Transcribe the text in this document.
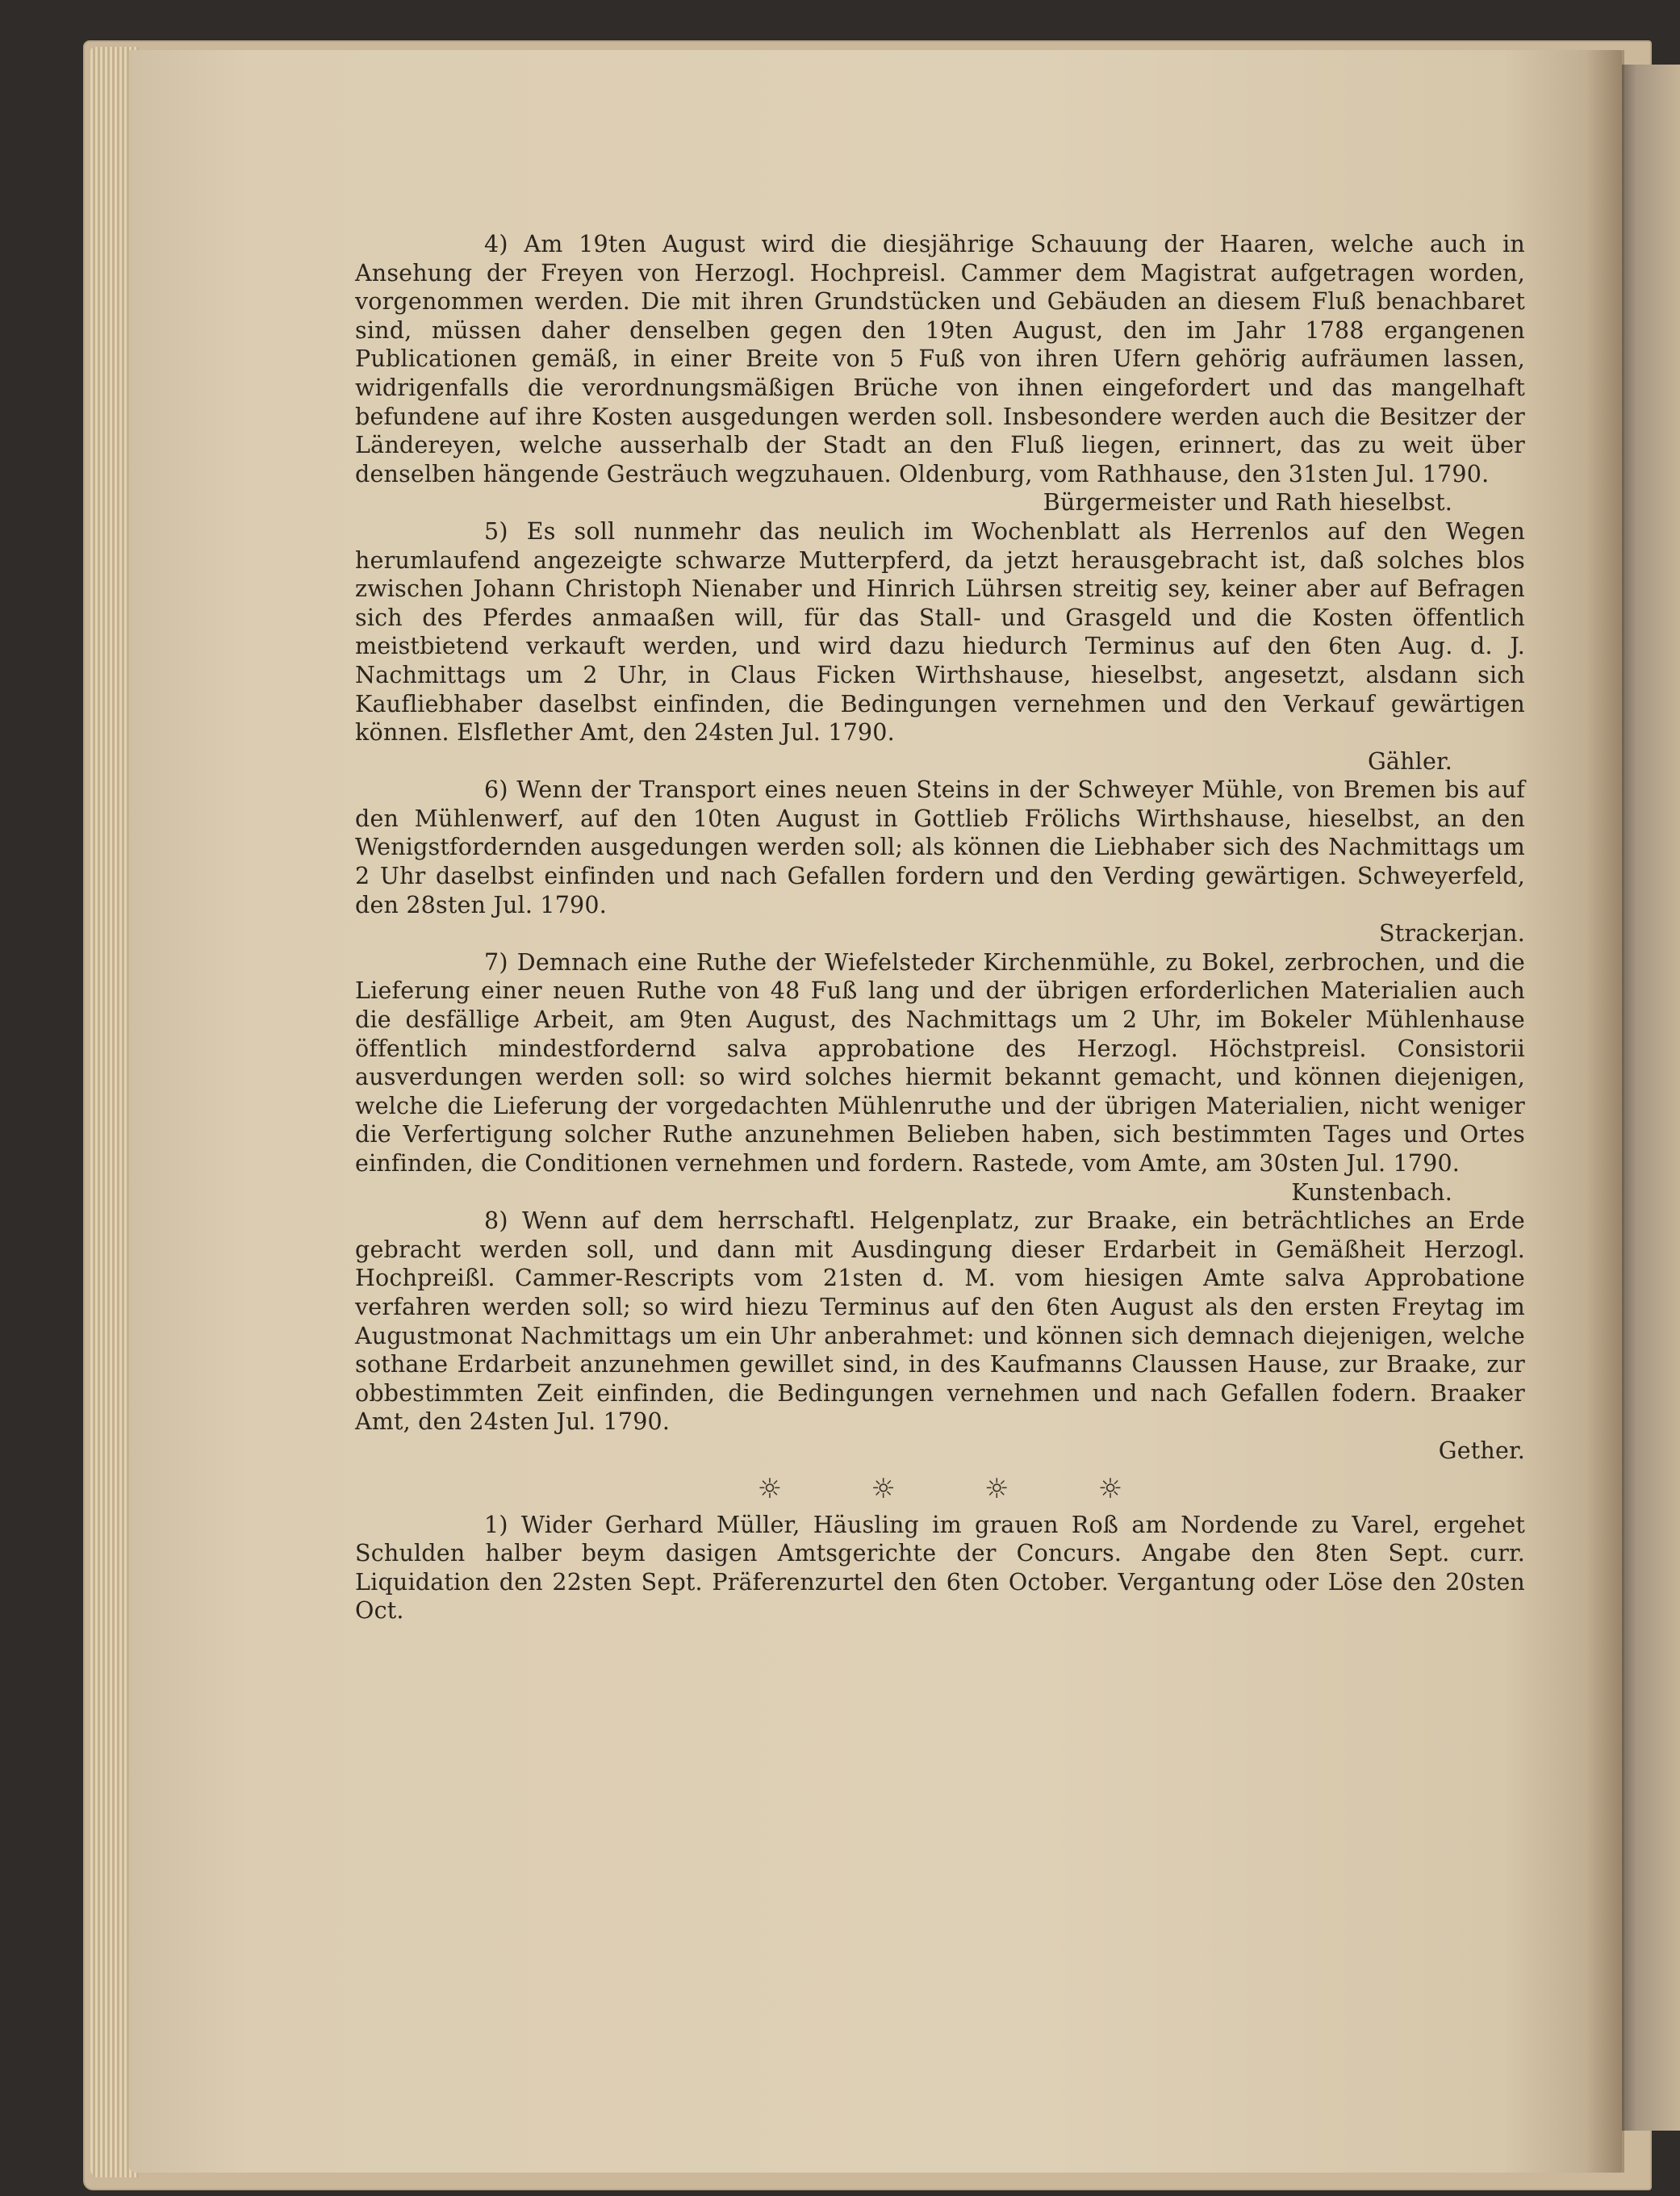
4) Am 19ten August wird die diesjährige Schauung der Haaren, welche auch in Ansehung der Freyen von Herzogl. Hochpreisl. Cammer dem Magistrat aufgetragen worden, vorgenommen werden. Die mit ihren Grundstücken und Gebäuden an diesem Fluß benachbaret sind, müssen daher denselben gegen den 19ten August, den im Jahr 1788 ergangenen Publicationen gemäß, in einer Breite von 5 Fuß von ihren Ufern gehörig aufräumen lassen, widrigenfalls die verordnungsmäßigen Brüche von ihnen eingefordert und das mangelhaft befundene auf ihre Kosten ausgedungen werden soll. Insbesondere werden auch die Besitzer der Ländereyen, welche ausserhalb der Stadt an den Fluß liegen, erinnert, das zu weit über denselben hängende Gesträuch wegzuhauen. Oldenburg, vom Rathhause, den 31sten Jul. 1790.

Bürgermeister und Rath hieselbst.

5) Es soll nunmehr das neulich im Wochenblatt als Herrenlos auf den Wegen herumlaufend angezeigte schwarze Mutterpferd, da jetzt herausgebracht ist, daß solches blos zwischen Johann Christoph Nienaber und Hinrich Lührsen streitig sey, keiner aber auf Befragen sich des Pferdes anmaaßen will, für das Stall- und Grasgeld und die Kosten öffentlich meistbietend verkauft werden, und wird dazu hiedurch Terminus auf den 6ten Aug. d. J. Nachmittags um 2 Uhr, in Claus Ficken Wirthshause, hieselbst, angesetzt, alsdann sich Kaufliebhaber daselbst einfinden, die Bedingungen vernehmen und den Verkauf gewärtigen können. Elsflether Amt, den 24sten Jul. 1790.

Gähler.

6) Wenn der Transport eines neuen Steins in der Schweyer Mühle, von Bremen bis auf den Mühlenwerf, auf den 10ten August in Gottlieb Frölichs Wirthshause, hieselbst, an den Wenigstfordernden ausgedungen werden soll; als können die Liebhaber sich des Nachmittags um 2 Uhr daselbst einfinden und nach Gefallen fordern und den Verding gewärtigen. Schweyerfeld, den 28sten Jul. 1790.

Strackerjan.

7) Demnach eine Ruthe der Wiefelsteder Kirchenmühle, zu Bokel, zerbrochen, und die Lieferung einer neuen Ruthe von 48 Fuß lang und der übrigen erforderlichen Materialien auch die desfällige Arbeit, am 9ten August, des Nachmittags um 2 Uhr, im Bokeler Mühlenhause öffentlich mindestfordernd salva approbatione des Herzogl. Höchstpreisl. Consistorii ausverdungen werden soll: so wird solches hiermit bekannt gemacht, und können diejenigen, welche die Lieferung der vorgedachten Mühlenruthe und der übrigen Materialien, nicht weniger die Verfertigung solcher Ruthe anzunehmen Belieben haben, sich bestimmten Tages und Ortes einfinden, die Conditionen vernehmen und fordern. Rastede, vom Amte, am 30sten Jul. 1790.

Kunstenbach.

8) Wenn auf dem herrschaftl. Helgenplatz, zur Braake, ein beträchtliches an Erde gebracht werden soll, und dann mit Ausdingung dieser Erdarbeit in Gemäßheit Herzogl. Hochpreißl. Cammer-Rescripts vom 21sten d. M. vom hiesigen Amte salva Approbatione verfahren werden soll; so wird hiezu Terminus auf den 6ten August als den ersten Freytag im Augustmonat Nachmittags um ein Uhr anberahmet: und können sich demnach diejenigen, welche sothane Erdarbeit anzunehmen gewillet sind, in des Kaufmanns Claussen Hause, zur Braake, zur obbestimmten Zeit einfinden, die Bedingungen vernehmen und nach Gefallen fodern. Braaker Amt, den 24sten Jul. 1790.

Gether.

☼	☼	☼	☼

1) Wider Gerhard Müller, Häusling im grauen Roß am Nordende zu Varel, ergehet Schulden halber beym dasigen Amtsgerichte der Concurs. Angabe den 8ten Sept. curr. Liquidation den 22sten Sept. Präferenzurtel den 6ten October. Vergantung oder Löse den 20sten Oct.
